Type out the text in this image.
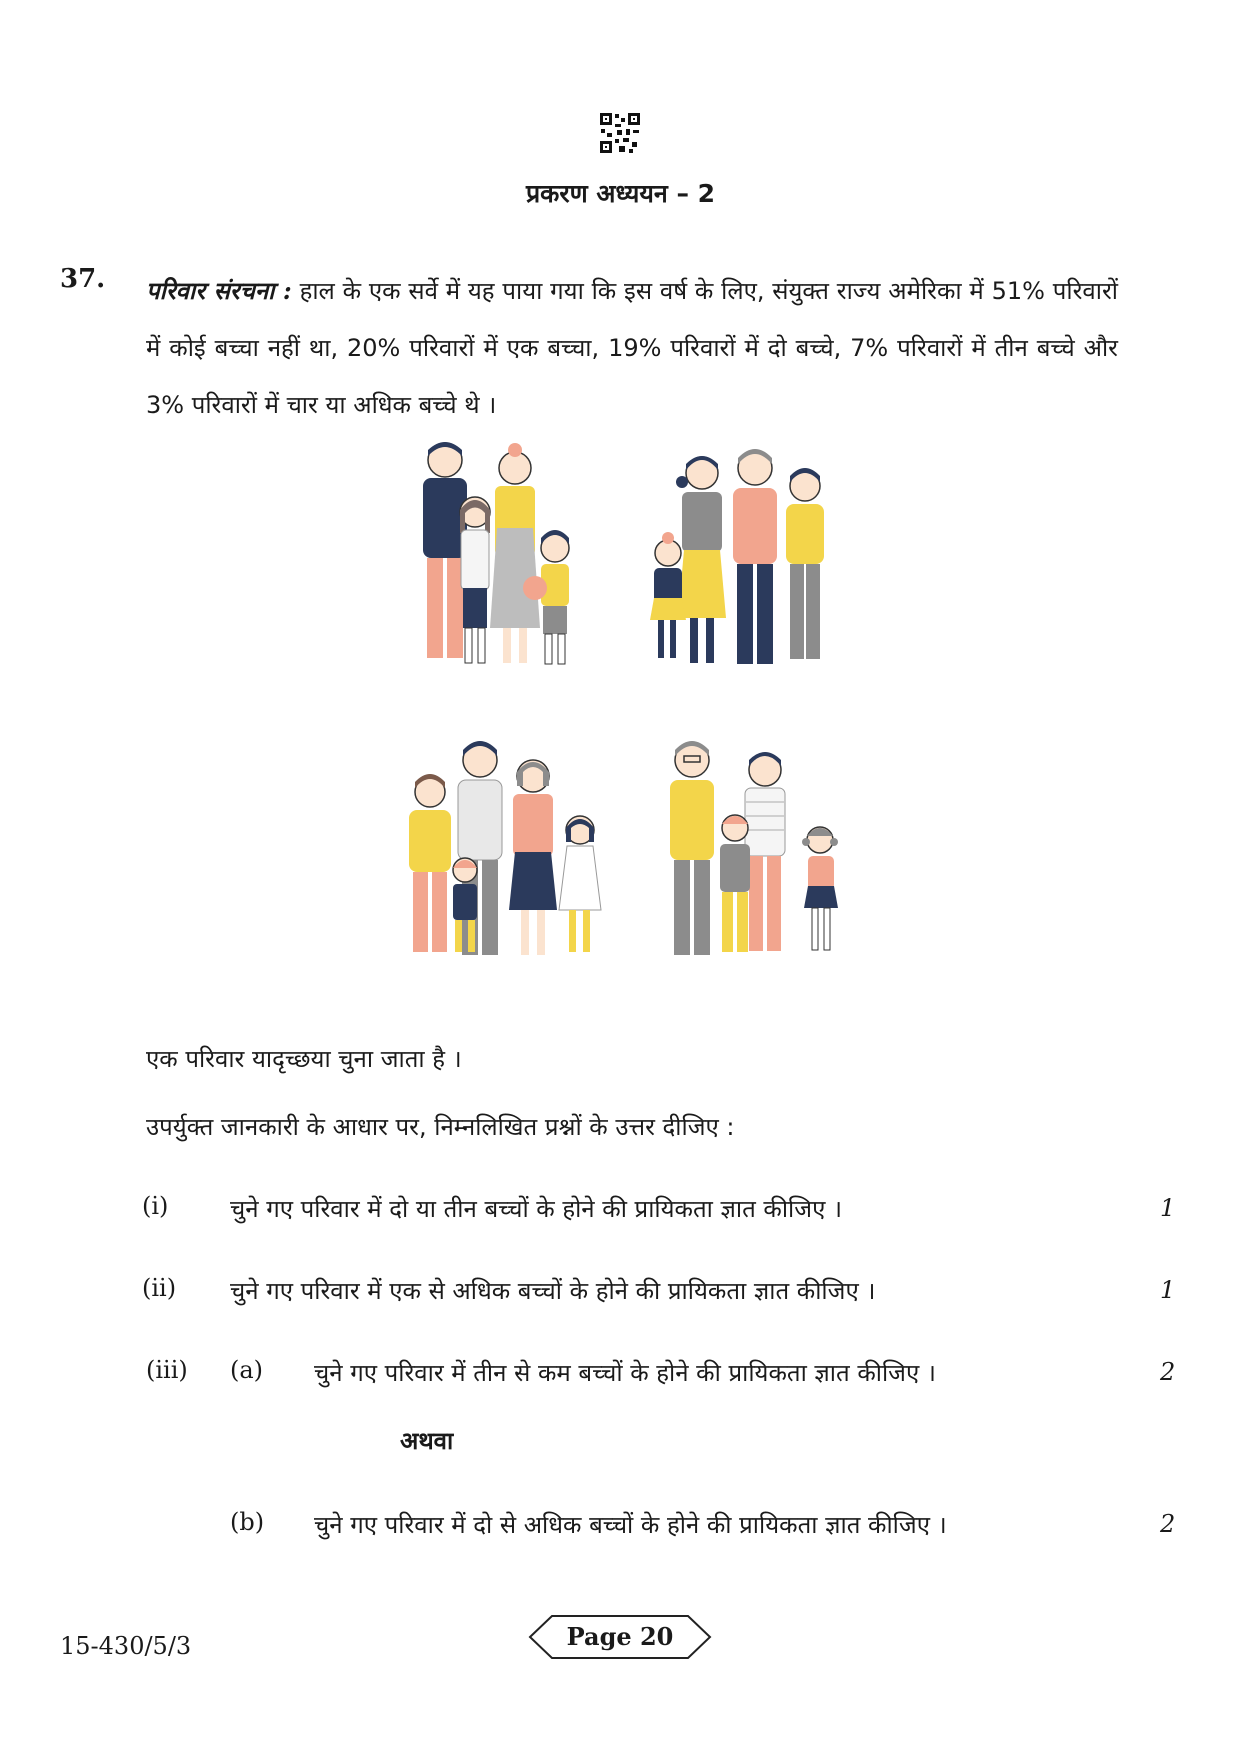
प्रकरण अध्ययन – 2
37. परिवार संरचना : हाल के एक सर्वे में यह पाया गया कि इस वर्ष के लिए, संयुक्त राज्य अमेरिका में 51% परिवारों में कोई बच्चा नहीं था, 20% परिवारों में एक बच्चा, 19% परिवारों में दो बच्चे, 7% परिवारों में तीन बच्चे और 3% परिवारों में चार या अधिक बच्चे थे ।
एक परिवार यादृच्छया चुना जाता है ।
उपर्युक्त जानकारी के आधार पर, निम्नलिखित प्रश्नों के उत्तर दीजिए :
(i)	चुने गए परिवार में दो या तीन बच्चों के होने की प्रायिकता ज्ञात कीजिए ।	1
(ii) चुने गए परिवार में एक से अधिक बच्चों के होने की प्रायिकता ज्ञात कीजिए ।	1
(iii) (a) चुने गए परिवार में तीन से कम बच्चों के होने की प्रायिकता ज्ञात कीजिए ।	2
अथवा
(b) चुने गए परिवार में दो से अधिक बच्चों के होने की प्रायिकता ज्ञात कीजिए ।	2
15-430/5/3	Page 20
